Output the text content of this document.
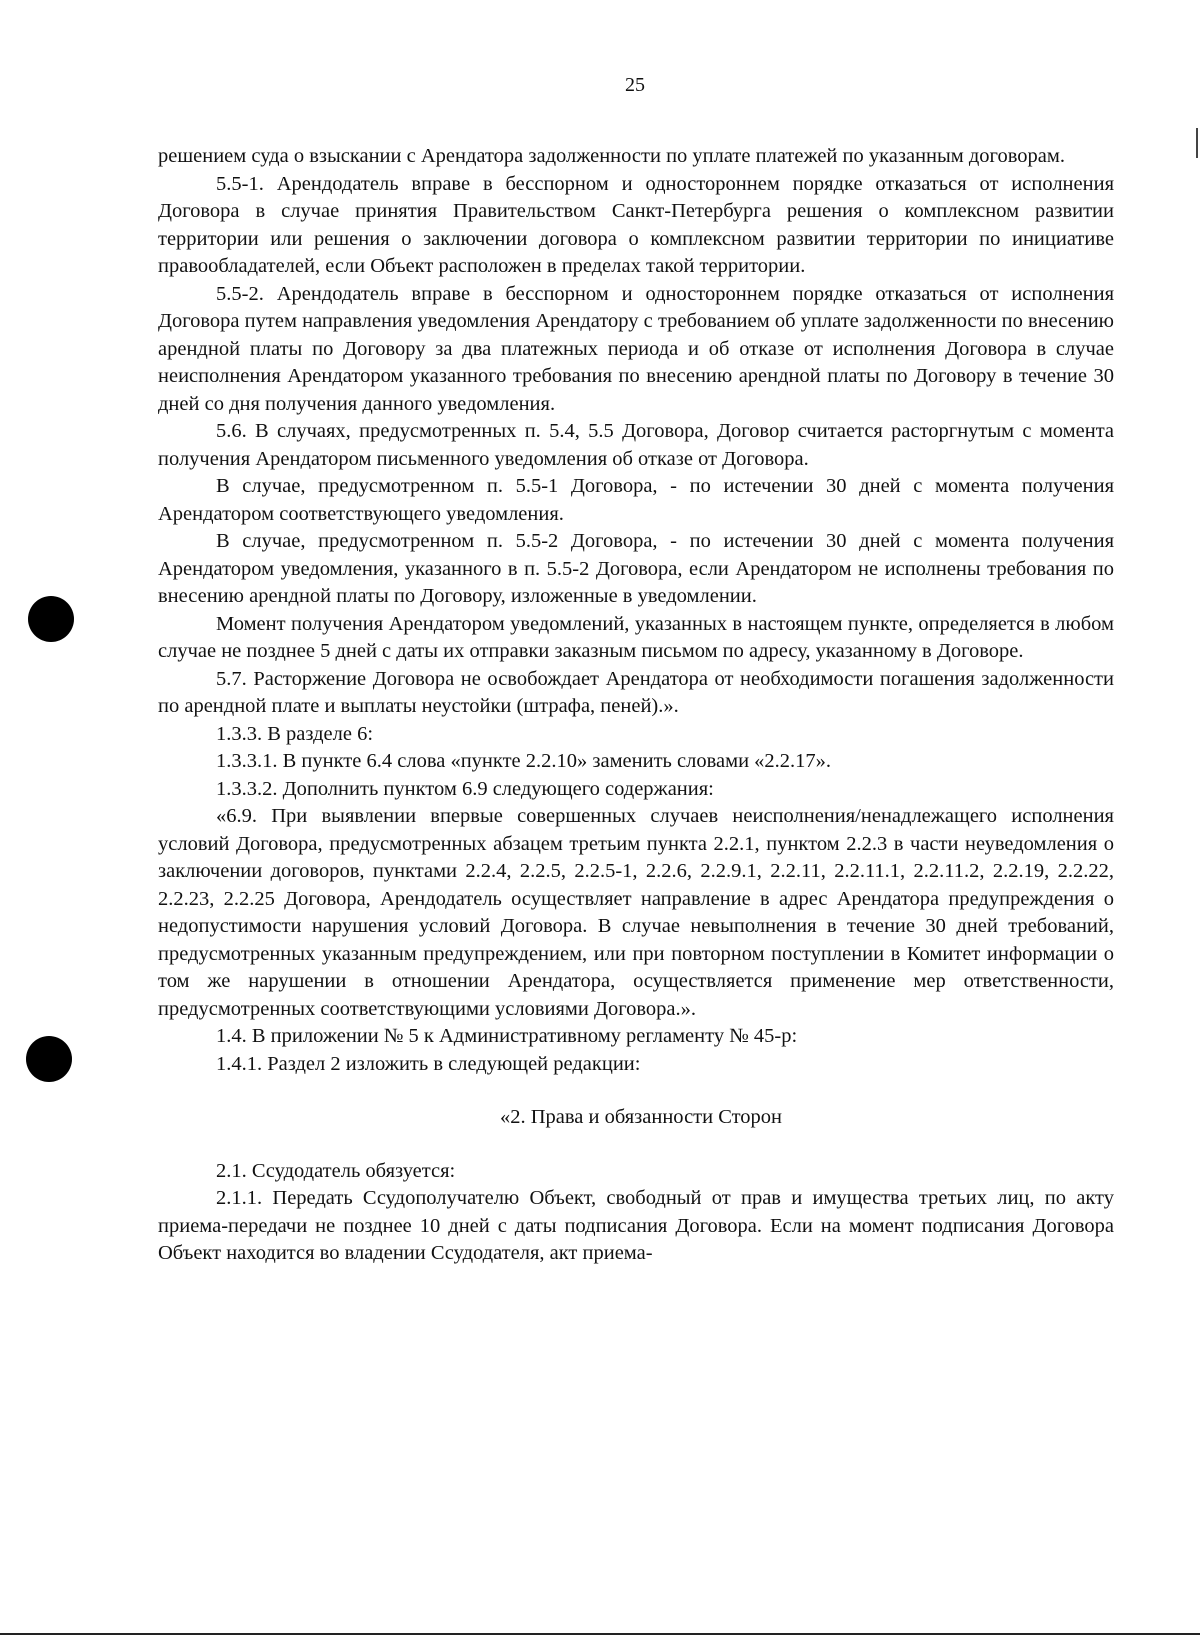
25

решением суда о взыскании с Арендатора задолженности по уплате платежей по указанным договорам.

5.5-1. Арендодатель вправе в бесспорном и одностороннем порядке отказаться от исполнения Договора в случае принятия Правительством Санкт-Петербурга решения о комплексном развитии территории или решения о заключении договора о комплексном развитии территории по инициативе правообладателей, если Объект расположен в пределах такой территории.

5.5-2. Арендодатель вправе в бесспорном и одностороннем порядке отказаться от исполнения Договора путем направления уведомления Арендатору с требованием об уплате задолженности по внесению арендной платы по Договору за два платежных периода и об отказе от исполнения Договора в случае неисполнения Арендатором указанного требования по внесению арендной платы по Договору в течение 30 дней со дня получения данного уведомления.

5.6. В случаях, предусмотренных п. 5.4, 5.5 Договора, Договор считается расторгнутым с момента получения Арендатором письменного уведомления об отказе от Договора.

В случае, предусмотренном п. 5.5-1 Договора, - по истечении 30 дней с момента получения Арендатором соответствующего уведомления.

В случае, предусмотренном п. 5.5-2 Договора, - по истечении 30 дней с момента получения Арендатором уведомления, указанного в п. 5.5-2 Договора, если Арендатором не исполнены требования по внесению арендной платы по Договору, изложенные в уведомлении.

Момент получения Арендатором уведомлений, указанных в настоящем пункте, определяется в любом случае не позднее 5 дней с даты их отправки заказным письмом по адресу, указанному в Договоре.

5.7. Расторжение Договора не освобождает Арендатора от необходимости погашения задолженности по арендной плате и выплаты неустойки (штрафа, пеней).».

1.3.3. В разделе 6:

1.3.3.1. В пункте 6.4 слова «пункте 2.2.10» заменить словами «2.2.17».

1.3.3.2. Дополнить пунктом 6.9 следующего содержания:

«6.9. При выявлении впервые совершенных случаев неисполнения/ненадлежащего исполнения условий Договора, предусмотренных абзацем третьим пункта 2.2.1, пунктом 2.2.3 в части неуведомления о заключении договоров, пунктами 2.2.4, 2.2.5, 2.2.5-1, 2.2.6, 2.2.9.1, 2.2.11, 2.2.11.1, 2.2.11.2, 2.2.19, 2.2.22, 2.2.23, 2.2.25 Договора, Арендодатель осуществляет направление в адрес Арендатора предупреждения о недопустимости нарушения условий Договора. В случае невыполнения в течение 30 дней требований, предусмотренных указанным предупреждением, или при повторном поступлении в Комитет информации о том же нарушении в отношении Арендатора, осуществляется применение мер ответственности, предусмотренных соответствующими условиями Договора.».

1.4. В приложении № 5 к Административному регламенту № 45-р:

1.4.1. Раздел 2 изложить в следующей редакции:

«2. Права и обязанности Сторон

2.1. Ссудодатель обязуется:

2.1.1. Передать Ссудополучателю Объект, свободный от прав и имущества третьих лиц, по акту приема-передачи не позднее 10 дней с даты подписания Договора. Если на момент подписания Договора Объект находится во владении Ссудодателя, акт приема-
